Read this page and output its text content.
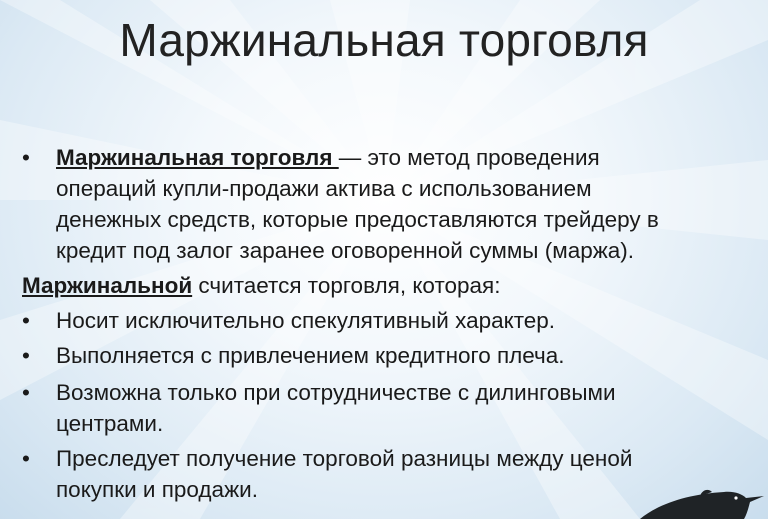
Маржинальная торговля
•	Маржинальная торговля — это метод проведения
операций купли-продажи актива с использованием
денежных средств, которые предоставляются трейдеру в
кредит под залог заранее оговоренной суммы (маржа).
Маржинальной считается торговля, которая:
•	Носит исключительно спекулятивный характер.
•	Выполняется с привлечением кредитного плеча.
•	Возможна только при сотрудничестве с дилинговыми
центрами.
•	Преследует получение торговой разницы между ценой
покупки и продажи.
